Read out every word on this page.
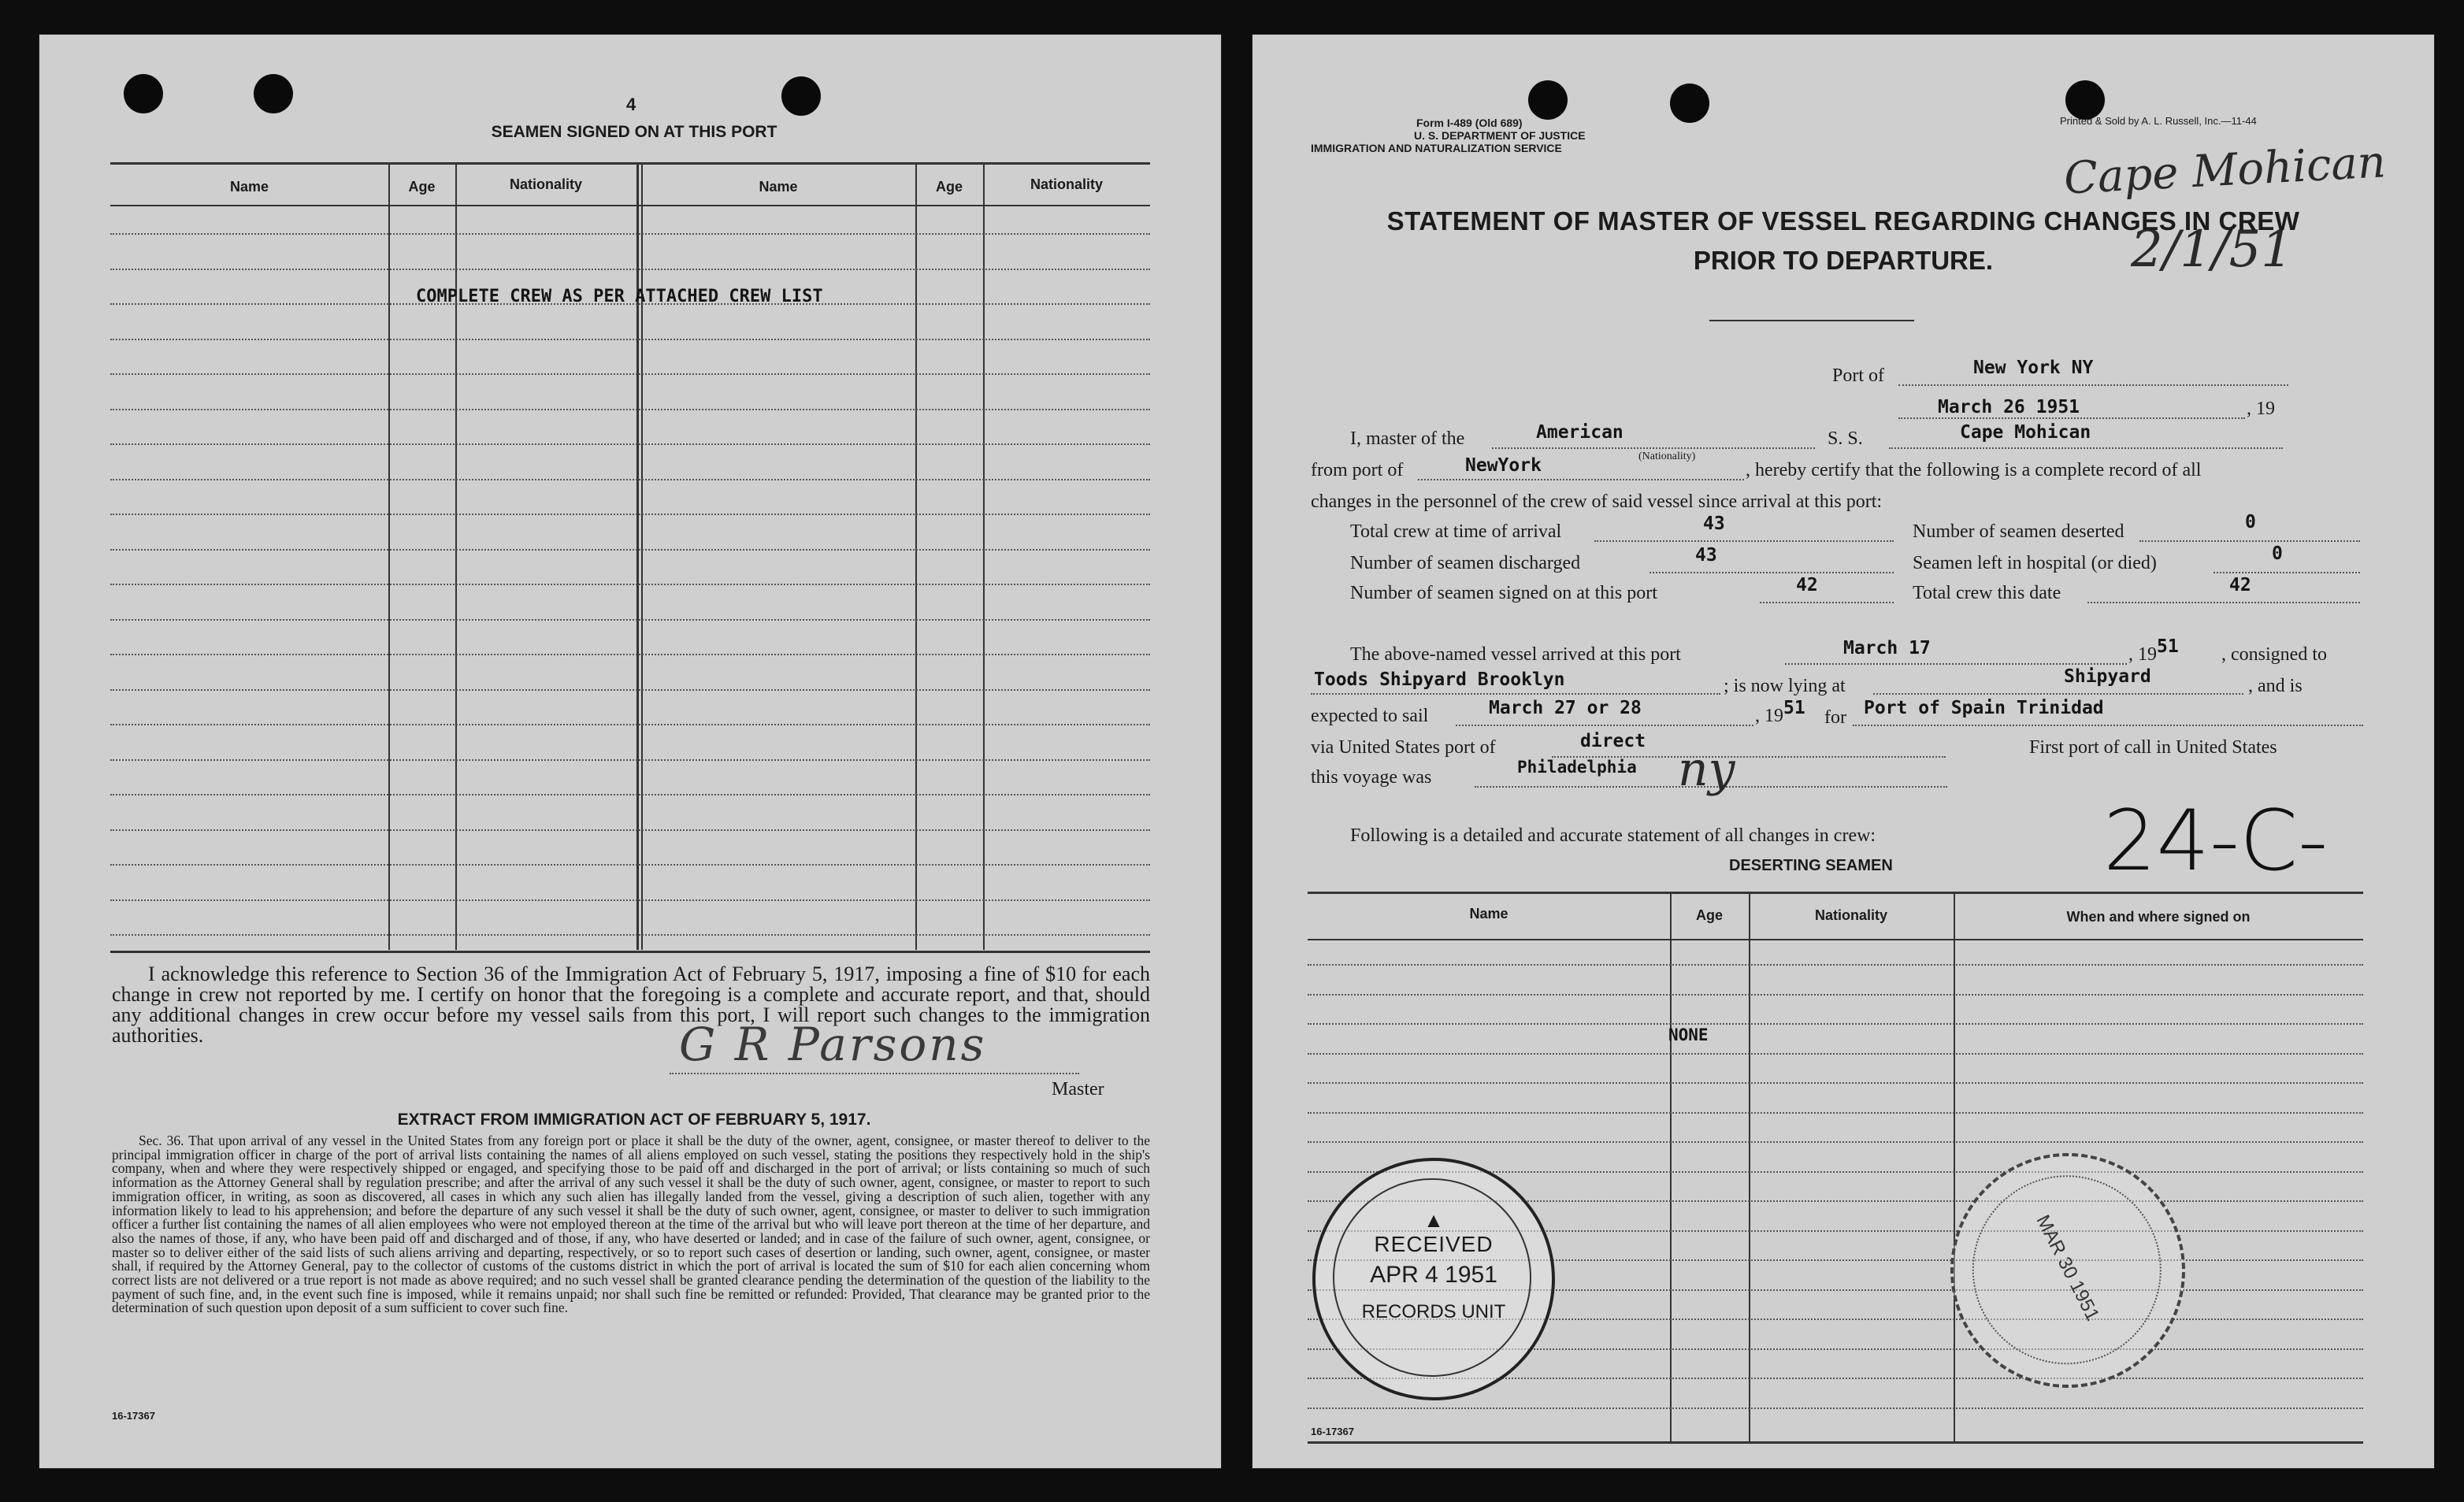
4
SEAMEN SIGNED ON AT THIS PORT
Name	Age	Nationality	Name	Age	Nationality
COMPLETE CREW AS PER ATTACHED CREW LIST
I acknowledge this reference to Section 36 of the Immigration Act of February 5, 1917, imposing a fine of $10 for each change in crew not reported by me. I certify on honor that the foregoing is a complete and accurate report, and that, should any additional changes in crew occur before my vessel sails from this port, I will report such changes to the immigration authorities.	G R Parsons
Master
EXTRACT FROM IMMIGRATION ACT OF FEBRUARY 5, 1917.
Sec. 36. That upon arrival of any vessel in the United States from any foreign port or place it shall be the duty of the owner, agent, consignee, or master thereof to deliver to the principal immigration officer in charge of the port of arrival lists containing the names of all aliens employed on such vessel, stating the positions they respectively hold in the ship's company, when and where they were respectively shipped or engaged, and specifying those to be paid off and discharged in the port of arrival; or lists containing so much of such information as the Attorney General shall by regulation prescribe; and after the arrival of any such vessel it shall be the duty of such owner, agent, consignee, or master to report to such immigration officer, in writing, as soon as discovered, all cases in which any such alien has illegally landed from the vessel, giving a description of such alien, together with any information likely to lead to his apprehension; and before the departure of any such vessel it shall be the duty of such owner, agent, consignee, or master to deliver to such immigration officer a further list containing the names of all alien employees who were not employed thereon at the time of the arrival but who will leave port thereon at the time of her departure, and also the names of those, if any, who have been paid off and discharged and of those, if any, who have deserted or landed; and in case of the failure of such owner, agent, consignee, or master so to deliver either of the said lists of such aliens arriving and departing, respectively, or so to report such cases of desertion or landing, such owner, agent, consignee, or master shall, if required by the Attorney General, pay to the collector of customs of the customs district in which the port of arrival is located the sum of $10 for each alien concerning whom correct lists are not delivered or a true report is not made as above required; and no such vessel shall be granted clearance pending the determination of the question of the liability to the payment of such fine, and, in the event such fine is imposed, while it remains unpaid; nor shall such fine be remitted or refunded: Provided, That clearance may be granted prior to the determination of such question upon deposit of a sum sufficient to cover such fine.
16-17367
Form I-489 (Old 689)
U. S. DEPARTMENT OF JUSTICE
IMMIGRATION AND NATURALIZATION SERVICE
Printed & Sold by A. L. Russell, Inc.—11-44
Cape Mohican
2/1/51
STATEMENT OF MASTER OF VESSEL REGARDING CHANGES IN CREW
PRIOR TO DEPARTURE.
Port of	New York NY
March 26 1951	, 19
I, master of the	American	S. S.	Cape Mohican
(Nationality)
from port of	NewYork	, hereby certify that the following is a complete record of all
changes in the personnel of the crew of said vessel since arrival at this port:
Total crew at time of arrival	43	Number of seamen deserted	0
Number of seamen discharged	43	Seamen left in hospital (or died)	0
Number of seamen signed on at this port	42	Total crew this date	42
The above-named vessel arrived at this port	March 17	, 19 51 , consigned to
Toods Shipyard Brooklyn	; is now lying at	Shipyard	, and is
expected to sail	March 27 or 28	, 19 51 for Port of Spain Trinidad
via United States port of	direct	First port of call in United States
this voyage was	Philadelphia ny
Following is a detailed and accurate statement of all changes in crew:
DESERTING SEAMEN	24-C-
Name	Age	Nationality	When and where signed on
NONE
▲
RECEIVED
APR 4 1951
RECORDS UNIT	MAR 30 1951
16-17367
